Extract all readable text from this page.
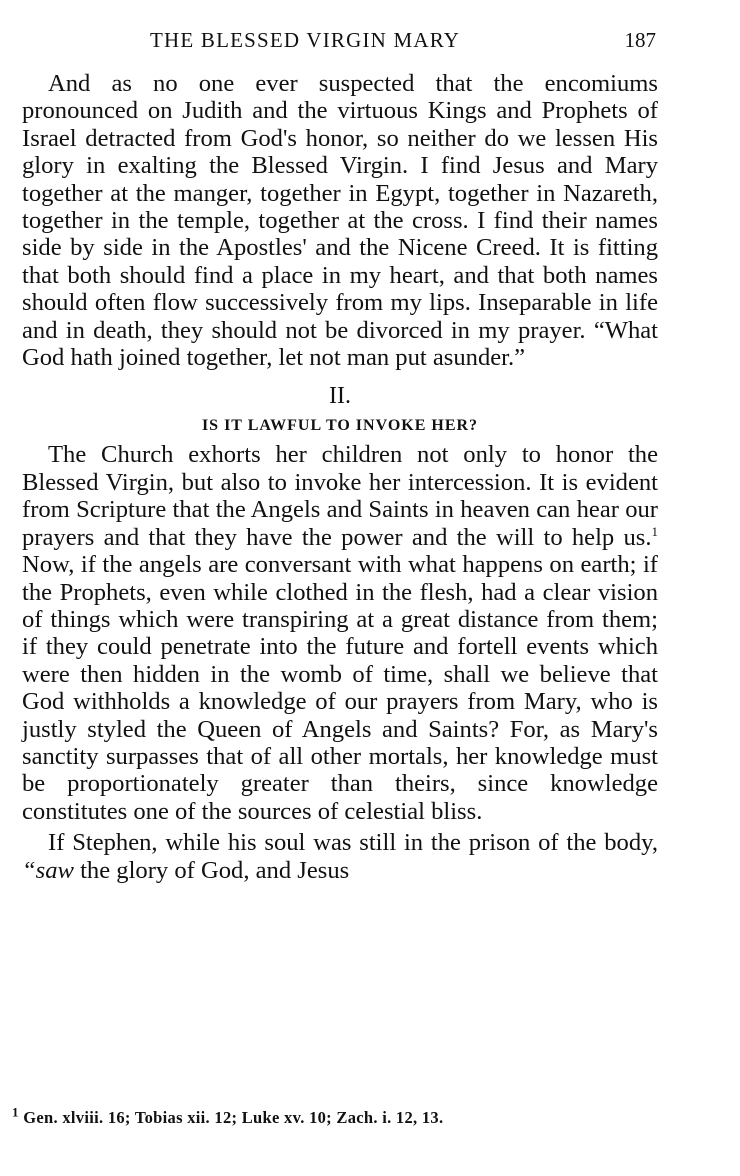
THE BLESSED VIRGIN MARY	187

And as no one ever suspected that the encomiums pronounced on Judith and the virtuous Kings and Prophets of Israel detracted from God's honor, so neither do we lessen His glory in exalting the Blessed Virgin. I find Jesus and Mary together at the manger, together in Egypt, together in Nazareth, together in the temple, together at the cross. I find their names side by side in the Apostles' and the Nicene Creed. It is fitting that both should find a place in my heart, and that both names should often flow successively from my lips. Inseparable in life and in death, they should not be divorced in my prayer. “What God hath joined together, let not man put asunder.”

II.
IS IT LAWFUL TO INVOKE HER?

The Church exhorts her children not only to honor the Blessed Virgin, but also to invoke her intercession. It is evident from Scripture that the Angels and Saints in heaven can hear our prayers and that they have the power and the will to help us.$^1$ Now, if the angels are conversant with what happens on earth; if the Prophets, even while clothed in the flesh, had a clear vision of things which were transpiring at a great distance from them; if they could penetrate into the future and fortell events which were then hidden in the womb of time, shall we believe that God withholds a knowledge of our prayers from Mary, who is justly styled the Queen of Angels and Saints? For, as Mary's sanctity surpasses that of all other mortals, her knowledge must be proportionately greater than theirs, since knowledge constitutes one of the sources of celestial bliss.

If Stephen, while his soul was still in the prison of the body, “saw the glory of God, and Jesus

$^1$ Gen. xlviii. 16; Tobias xii. 12; Luke xv. 10; Zach. i. 12, 13.
